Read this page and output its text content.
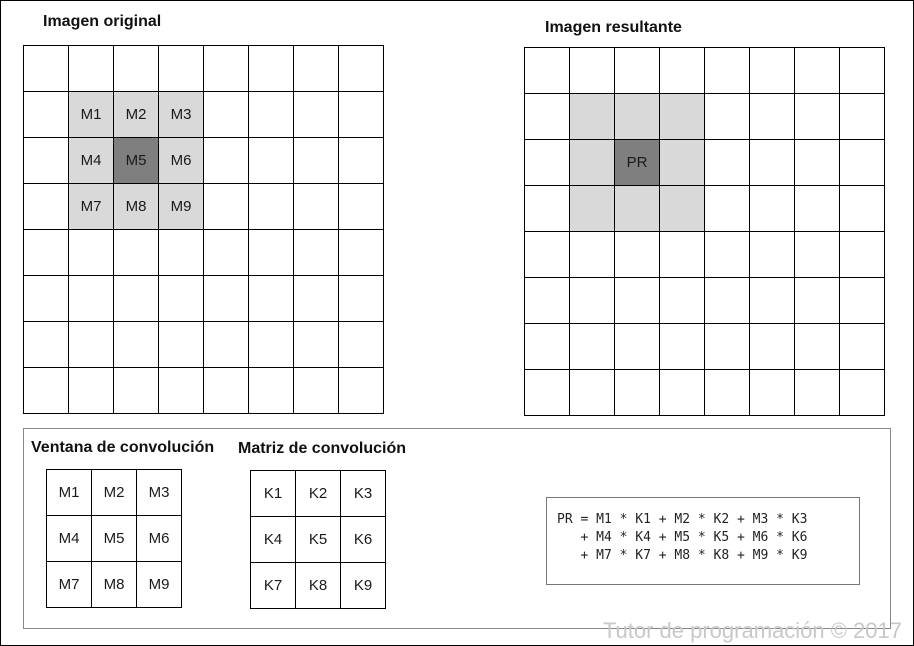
Imagen original

	M1	M2	M3				
	M4	M5	M6				
	M7	M8	M9				

Imagen resultante

		PR					

Ventana de convolución
M1	M2	M3
M4	M5	M6
M7	M8	M9
Matriz de convolución
K1	K2	K3
K4	K5	K6
K7	K8	K9
PR = M1 * K1 + M2 * K2 + M3 * K3
+ M4 * K4 + M5 * K5 + M6 * K6
+ M7 * K7 + M8 * K8 + M9 * K9
Tutor de programación © 2017
